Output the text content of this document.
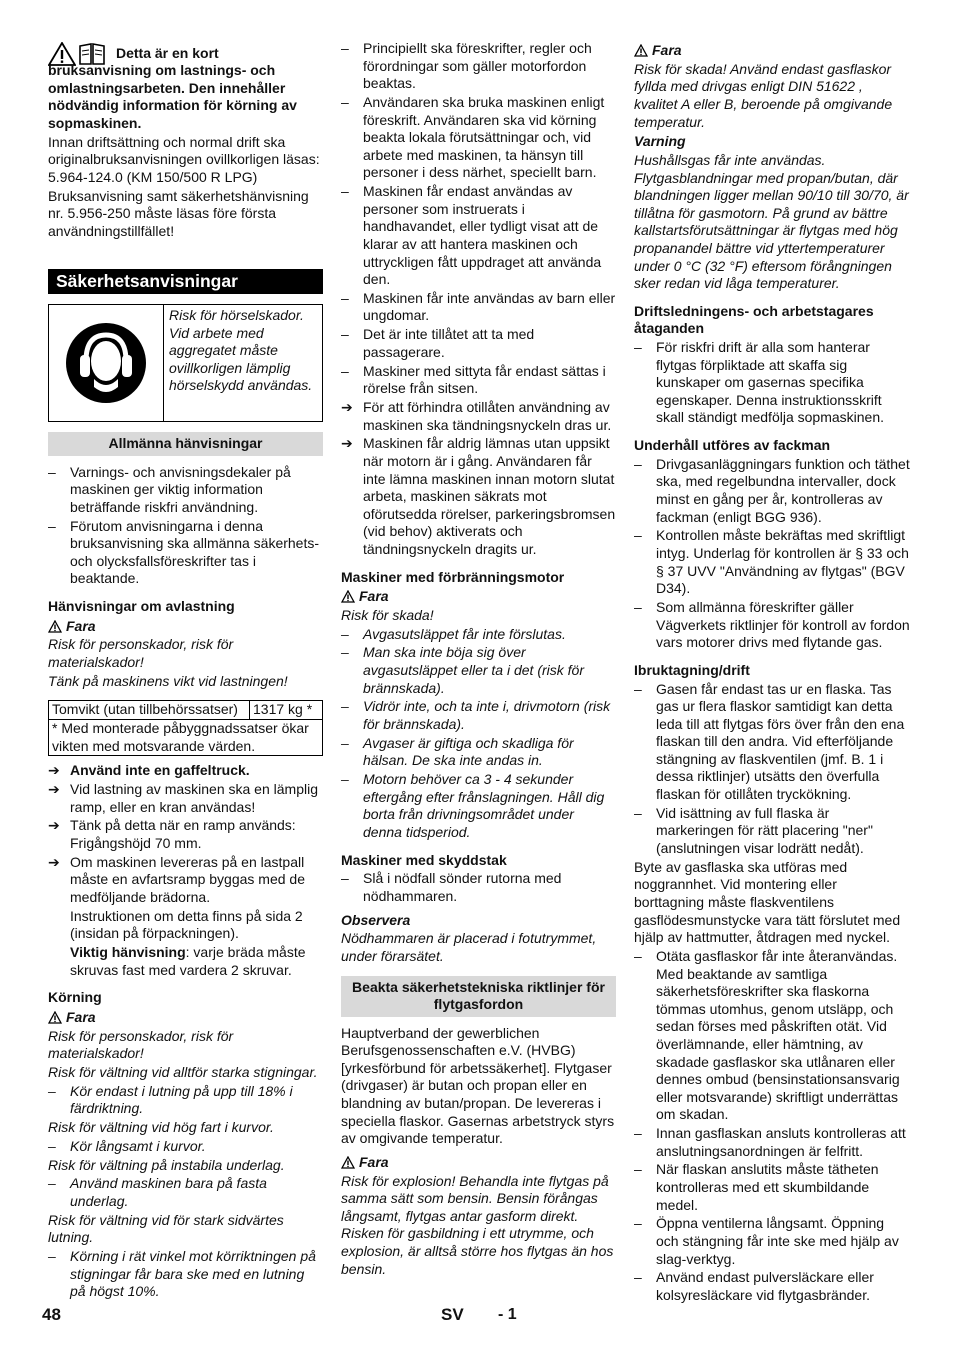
Detta är en kort bruksanvisning om lastnings- och omlastningsarbeten. Den innehåller nödvändig information för körning av sopmaskinen.

Innan driftsättning och normal drift ska originalbruksanvisningen ovillkorligen läsas: 5.964-124.0 (KM 150/500 R LPG)

Bruksanvisning samt säkerhetshänvisning nr. 5.956-250 måste läsas före första användningstillfället!

Säkerhetsanvisningar
Risk för hörselskador. Vid arbete med aggregatet måste ovillkorligen lämplig hörselskydd användas.
Allmänna hänvisningar

– Varnings- och anvisningsdekaler på maskinen ger viktig information beträffande riskfri användning.

– Förutom anvisningarna i denna bruksanvisning ska allmänna säkerhets- och olycksfallsföreskrifter tas i beaktande.

Hänvisningar om avlastning

Fara

Risk för personskador, risk för materialskador!

Tänk på maskinens vikt vid lastningen!

Tomvikt (utan tillbehörssatser)	1317 kg *
* Med monterade påbyggnadssatser ökar vikten med motsvarande värden.

➔ Använd inte en gaffeltruck.

➔ Vid lastning av maskinen ska en lämplig ramp, eller en kran användas!

➔ Tänk på detta när en ramp används: Frigångshöjd 70 mm.

➔ Om maskinen levereras på en lastpall måste en avfartsramp byggas med de medföljande brädorna.

Instruktionen om detta finns på sida 2 (insidan på förpackningen).

Viktig hänvisning: varje bräda måste skruvas fast med vardera 2 skruvar.

Körning

Fara

Risk för personskador, risk för materialskador!

Risk för vältning vid alltför starka stigningar.

– Kör endast i lutning på upp till 18% i färdriktning.

Risk för vältning vid hög fart i kurvor.

– Kör långsamt i kurvor.

Risk för vältning på instabila underlag.

– Använd maskinen bara på fasta underlag.

Risk för vältning vid för stark sidvärtes lutning.

– Körning i rät vinkel mot körriktningen på stigningar får bara ske med en lutning på högst 10%.

– Principiellt ska föreskrifter, regler och förordningar som gäller motorfordon beaktas.

– Användaren ska bruka maskinen enligt föreskrift. Användaren ska vid körning beakta lokala förutsättningar och, vid arbete med maskinen, ta hänsyn till personer i dess närhet, speciellt barn.

– Maskinen får endast användas av personer som instruerats i handhavandet, eller tydligt visat att de klarar av att hantera maskinen och uttryckligen fått uppdraget att använda den.

– Maskinen får inte användas av barn eller ungdomar.

– Det är inte tillåtet att ta med passagerare.

– Maskiner med sittyta får endast sättas i rörelse från sitsen.

➔ För att förhindra otillåten användning av maskinen ska tändningsnyckeln dras ur.

➔ Maskinen får aldrig lämnas utan uppsikt när motorn är i gång. Användaren får inte lämna maskinen innan motorn slutat arbeta, maskinen säkrats mot oförutsedda rörelser, parkeringsbromsen (vid behov) aktiverats och tändningsnyckeln dragits ur.

Maskiner med förbränningsmotor

Fara

Risk för skada!

– Avgasutsläppet får inte förslutas.

– Man ska inte böja sig över avgasutsläppet eller ta i det (risk för brännskada).

– Vidrör inte, och ta inte i, drivmotorn (risk för brännskada).

– Avgaser är giftiga och skadliga för hälsan. De ska inte andas in.

– Motorn behöver ca 3 - 4 sekunder eftergång efter frånslagningen. Håll dig borta från drivningsområdet under denna tidsperiod.

Maskiner med skyddstak

– Slå i nödfall sönder rutorna med nödhammaren.

Observera

Nödhammaren är placerad i fotutrymmet, under förarsätet.

Beakta säkerhetstekniska riktlinjer för flytgasfordon

Hauptverband der gewerblichen Berufsgenossenschaften e.V. (HVBG) [yrkesförbund för arbetssäkerhet]. Flytgaser (drivgaser) är butan och propan eller en blandning av butan/propan. De levereras i speciella flaskor. Gasernas arbetstryck styrs av omgivande temperatur.

Fara

Risk för explosion! Behandla inte flytgas på samma sätt som bensin. Bensin förångas långsamt, flytgas antar gasform direkt. Risken för gasbildning i ett utrymme, och explosion, är alltså större hos flytgas än hos bensin.

Fara

Risk för skada! Använd endast gasflaskor fyllda med drivgas enligt DIN 51622 , kvalitet A eller B, beroende på omgivande temperatur.

Varning

Hushållsgas får inte användas. Flytgasblandningar med propan/butan, där blandningen ligger mellan 90/10 till 30/70, är tillåtna för gasmotorn. På grund av bättre kallstartsförutsättningar är flytgas med hög propanandel bättre vid yttertemperaturer under 0 °C (32 °F) eftersom förångningen sker redan vid låga temperaturer.

Driftsledningens- och arbetstagares åtaganden

– För riskfri drift är alla som hanterar flytgas förpliktade att skaffa sig kunskaper om gasernas specifika egenskaper. Denna instruktionsskrift skall ständigt medfölja sopmaskinen.

Underhåll utföres av fackman

– Drivgasanläggningars funktion och täthet ska, med regelbundna intervaller, dock minst en gång per år, kontrolleras av fackman (enligt BGG 936).

– Kontrollen måste bekräftas med skriftligt intyg. Underlag för kontrollen är § 33 och § 37 UVV "Användning av flytgas" (BGV D34).

– Som allmänna föreskrifter gäller Vägverkets riktlinjer för kontroll av fordon vars motorer drivs med flytande gas.

Ibruktagning/drift

– Gasen får endast tas ur en flaska. Tas gas ur flera flaskor samtidigt kan detta leda till att flytgas förs över från den ena flaskan till den andra. Vid efterföljande stängning av flaskventilen (jmf. B. 1 i dessa riktlinjer) utsätts den överfulla flaskan för otillåten tryckökning.

– Vid isättning av full flaska är markeringen för rätt placering "ner" (anslutningen visar lodrätt nedåt).

Byte av gasflaska ska utföras med noggrannhet. Vid montering eller borttagning måste flaskventilens gasflödesmunstycke vara tätt förslutet med hjälp av hattmutter, åtdragen med nyckel.

– Otäta gasflaskor får inte återanvändas. Med beaktande av samtliga säkerhetsföreskrifter ska flaskorna tömmas utomhus, genom utsläpp, och sedan förses med påskriften otät. Vid överlämnande, eller hämtning, av skadade gasflaskor ska utlånaren eller dennes ombud (bensinstationsansvarig eller motsvarande) skriftligt underrättas om skadan.

– Innan gasflaskan ansluts kontrolleras att anslutningsanordningen är felfritt.

– När flaskan anslutits måste tätheten kontrolleras med ett skumbildande medel.

– Öppna ventilerna långsamt. Öppning och stängning får inte ske med hjälp av slag-verktyg.

– Använd endast pulversläckare eller kolsyresläckare vid flytgasbränder.

48	SV - 1
